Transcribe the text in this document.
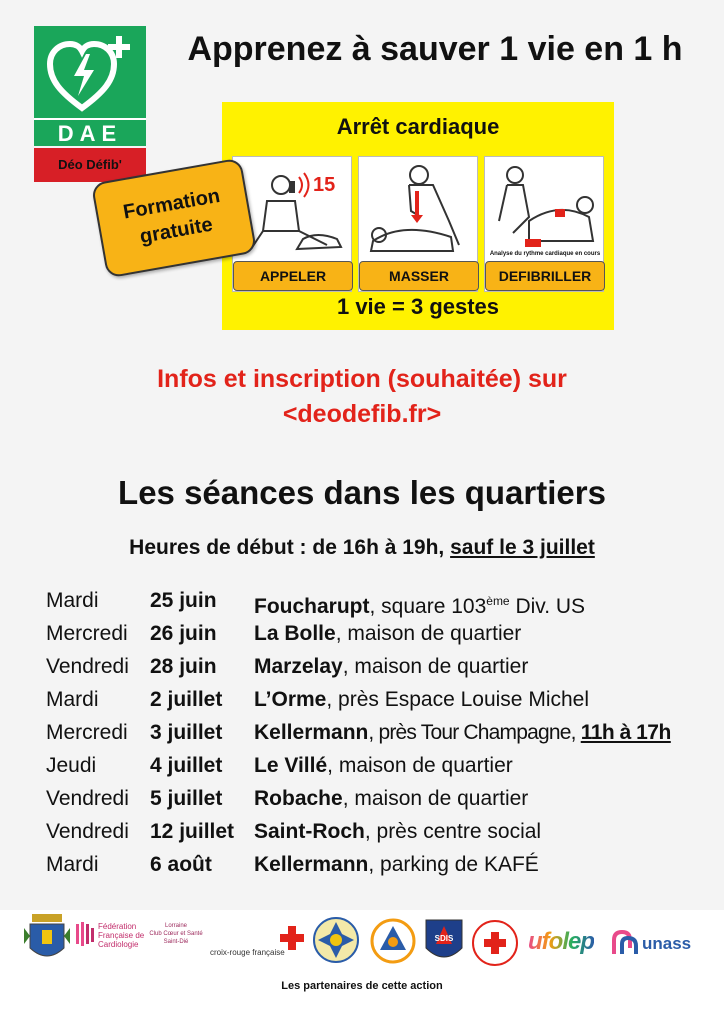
DAE
Déo Défib'
Apprenez à sauver 1 vie en 1 h
Arrêt cardiaque
15
APPELER	MASSER
Analyse du rythme cardiaque en cours
DEFIBRILLER
1 vie = 3 gestes
Formation
gratuite
Infos et inscription (souhaitée) sur
<deodefib.fr>
Les séances dans les quartiers
Heures de début : de 16h à 19h, sauf le 3 juillet
Mardi 25 juin Foucharupt, square 103ème Div. US
Mercredi 26 juin La Bolle, maison de quartier
Vendredi 28 juin Marzelay, maison de quartier
Mardi 2 juillet L’Orme, près Espace Louise Michel
Mercredi 3 juillet Kellermann, près Tour Champagne, 11h à 17h
Jeudi	4 juillet Le Villé, maison de quartier
Vendredi 5 juillet Robache, maison de quartier
Vendredi 12 juillet Saint-Roch, près centre social
Mardi 6 août Kellermann, parking de KAFÉ
Fédération
Française de
Cardiologie
Lorraine
Club Cœur et Santé
Saint-Dié
croix-rouge française
SDIS	ufolep	unass
Les partenaires de cette action
